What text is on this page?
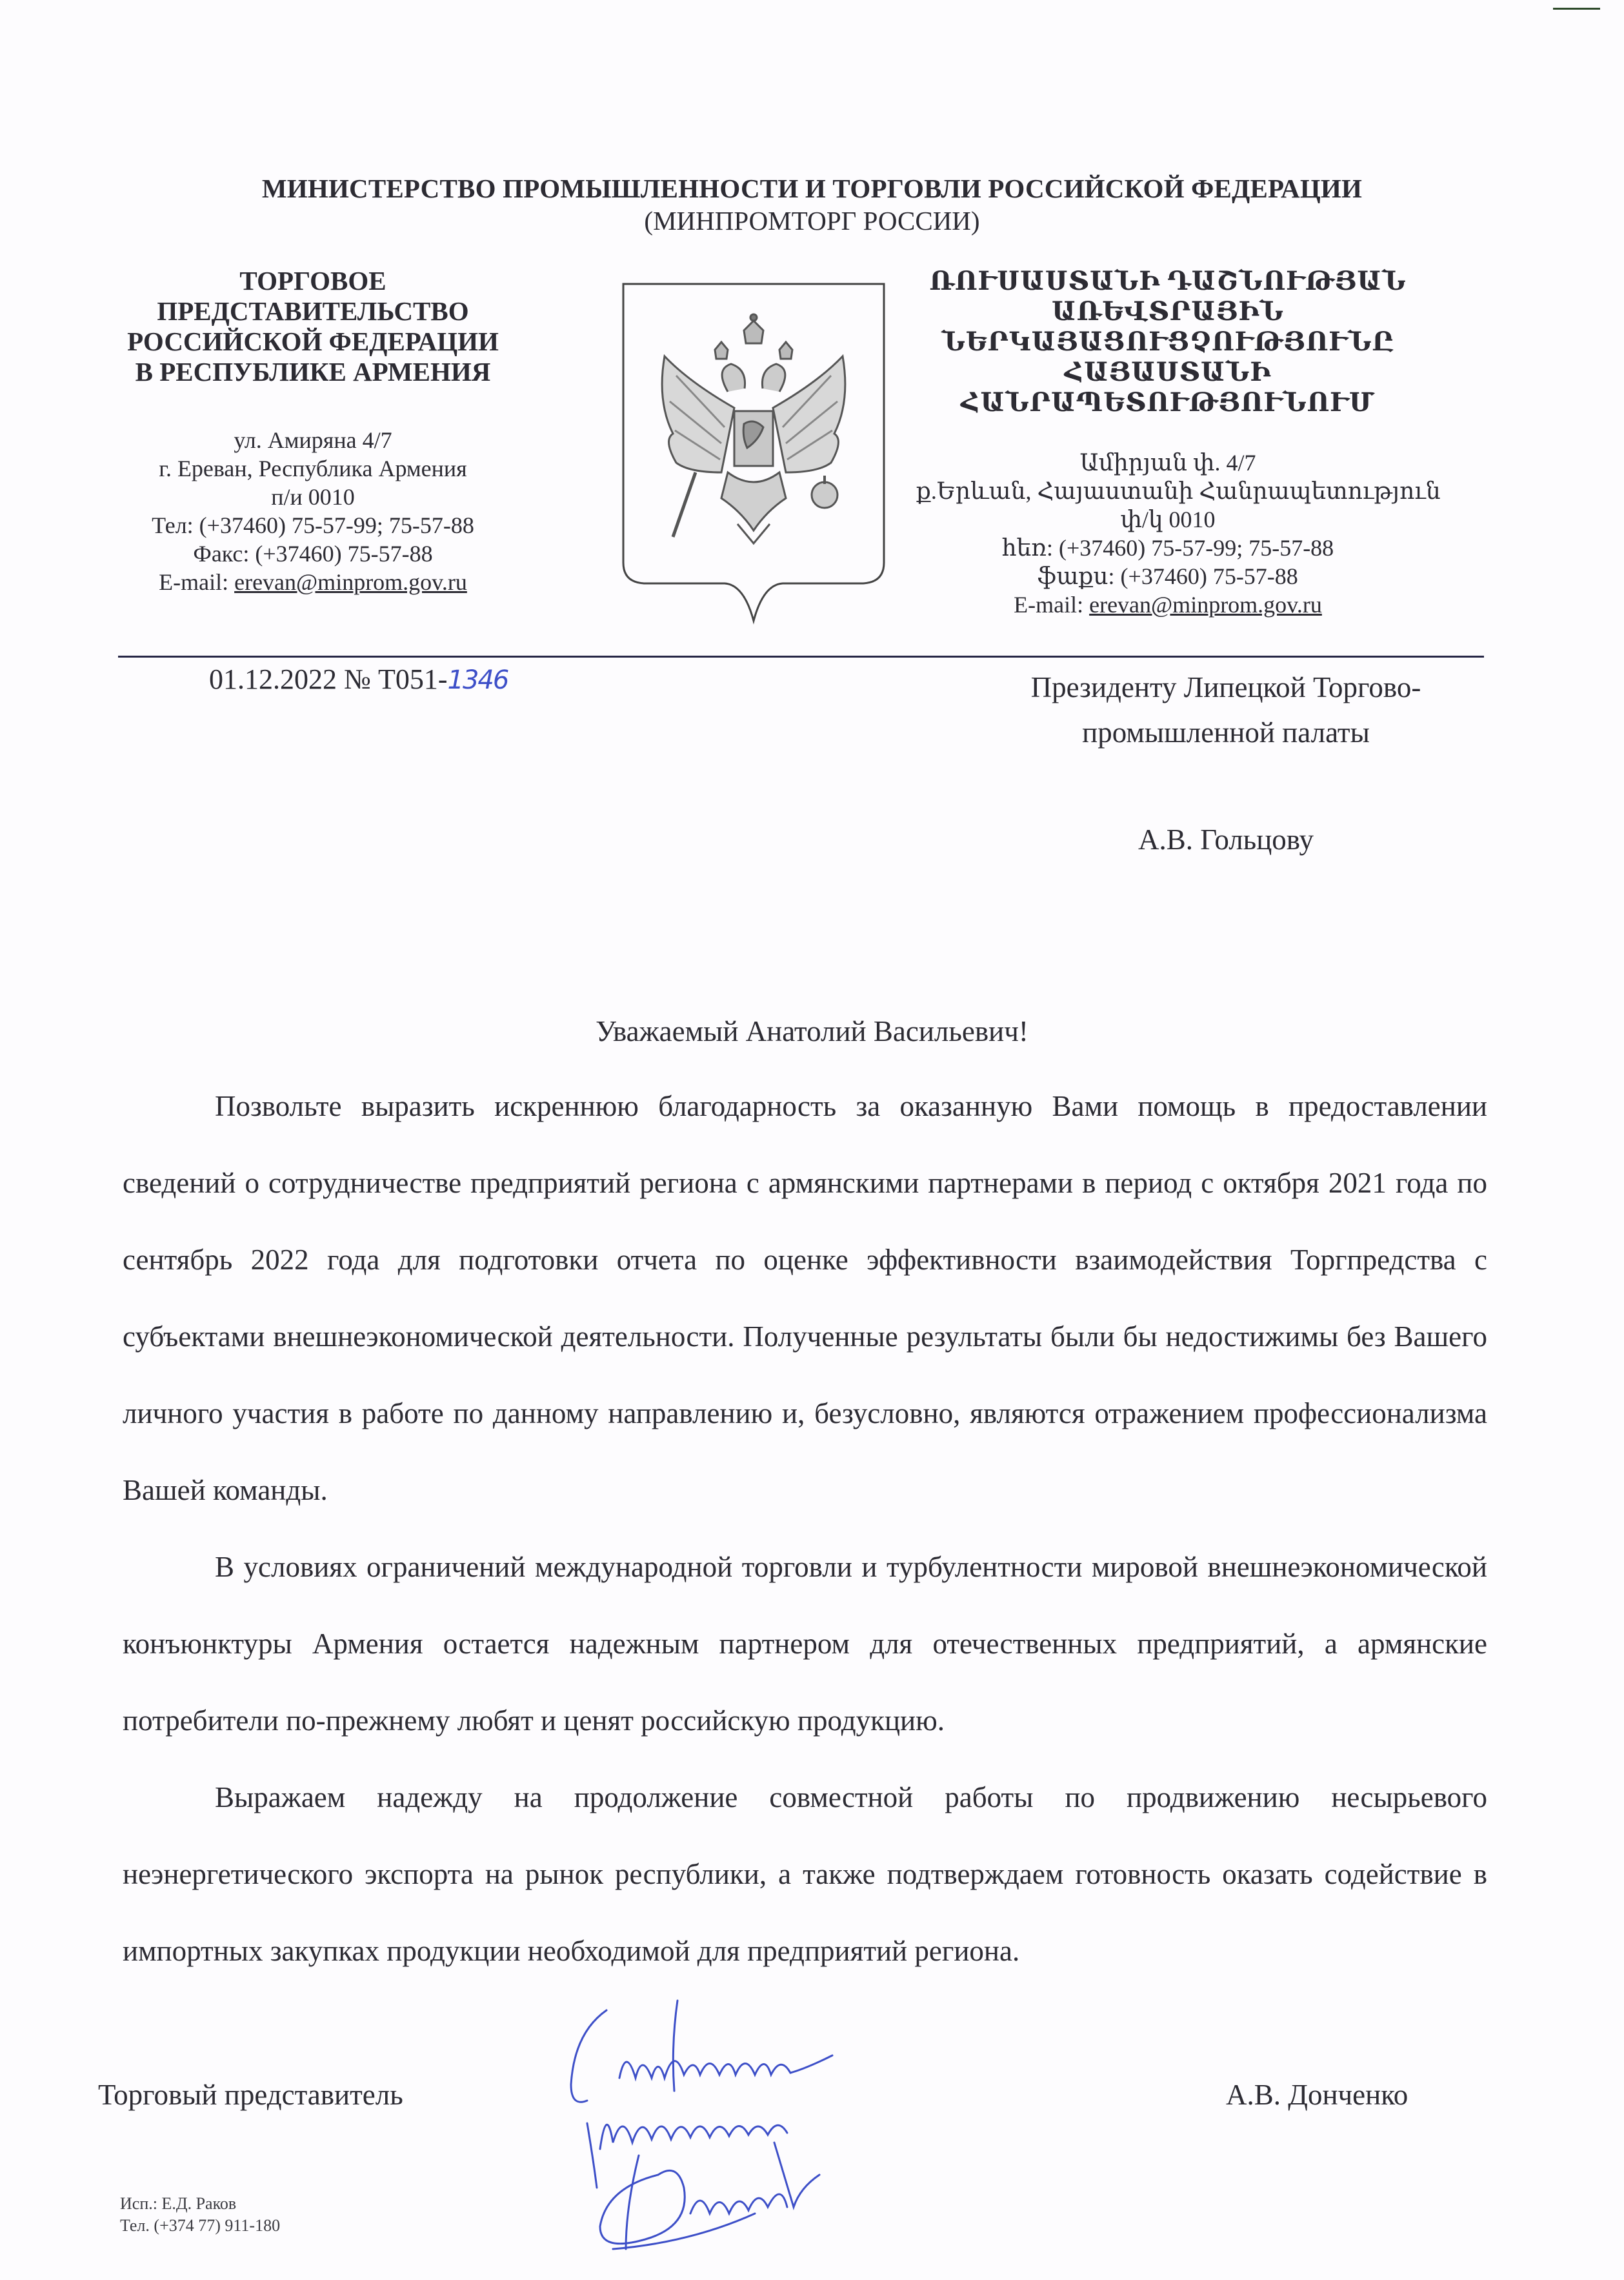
МИНИСТЕРСТВО ПРОМЫШЛЕННОСТИ И ТОРГОВЛИ РОССИЙСКОЙ ФЕДЕРАЦИИ
(МИНПРОМТОРГ РОССИИ)
ТОРГОВОЕ
ПРЕДСТАВИТЕЛЬСТВО
РОССИЙСКОЙ ФЕДЕРАЦИИ
В РЕСПУБЛИКЕ АРМЕНИЯ
ул. Амиряна 4/7
г. Ереван, Республика Армения
п/и 0010
Тел: (+37460) 75-57-99; 75-57-88
Факс: (+37460) 75-57-88
E-mail: erevan@minprom.gov.ru
ՌՈՒՍԱՍՏԱՆԻ ԴԱՇՆՈՒԹՅԱՆ
ԱՌԵՎՏՐԱՅԻՆ
ՆԵՐԿԱՅԱՑՈՒՑՉՈՒԹՅՈՒՆԸ
ՀԱՅԱՍՏԱՆԻ
ՀԱՆՐԱՊԵՏՈՒԹՅՈՒՆՈՒՄ
Ամիրյան փ. 4/7
ք.Երևան, Հայաստանի Հանրապետություն
փ/կ 0010
հեռ: (+37460) 75-57-99; 75-57-88
ֆաքս: (+37460) 75-57-88
E-mail: erevan@minprom.gov.ru
01.12.2022 № Т051-1346	Президенту Липецкой Торгово-
промышленной палаты
А.В. Гольцову
Уважаемый Анатолий Васильевич!

Позвольте выразить искреннюю благодарность за оказанную Вами помощь в предоставлении сведений о сотрудничестве предприятий региона с армянскими партнерами в период с октября 2021 года по сентябрь 2022 года для подготовки отчета по оценке эффективности взаимодействия Торгпредства с субъектами внешнеэкономической деятельности. Полученные результаты были бы недостижимы без Вашего личного участия в работе по данному направлению и, безусловно, являются отражением профессионализма Вашей команды.

В условиях ограничений международной торговли и турбулентности мировой внешнеэкономической конъюнктуры Армения остается надежным партнером для отечественных предприятий, а армянские потребители по-прежнему любят и ценят российскую продукцию.

Выражаем надежду на продолжение совместной работы по продвижению несырьевого неэнергетического экспорта на рынок республики, а также подтверждаем готовность оказать содействие в импортных закупках продукции необходимой для предприятий региона.

Торговый представитель	А.В. Донченко
Исп.: Е.Д. Раков
Тел. (+374 77) 911-180
